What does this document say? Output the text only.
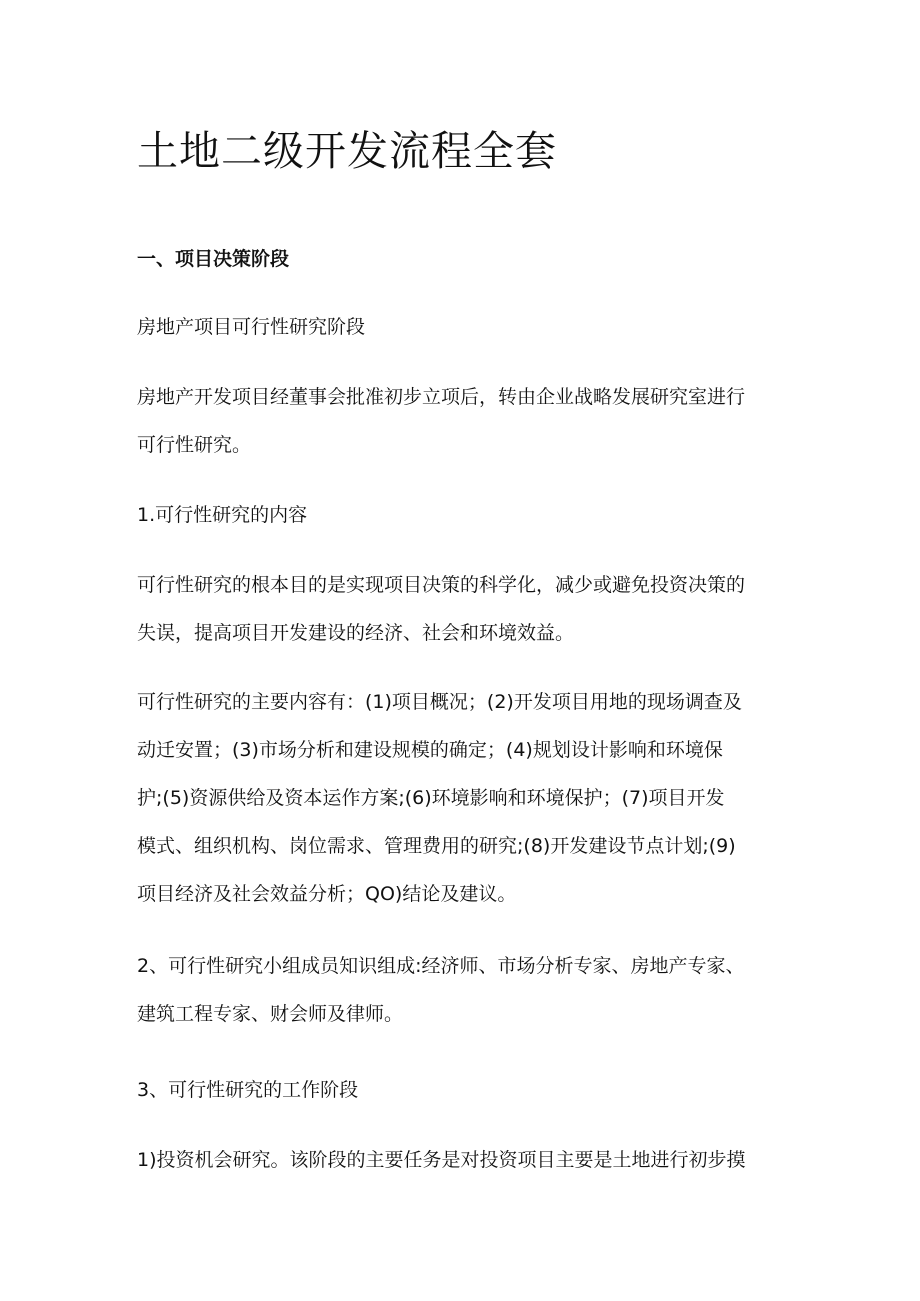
土地二级开发流程全套
一、项目决策阶段

房地产项目可行性研究阶段

房地产开发项目经董事会批准初步立项后，转由企业战略发展研究室进行
可行性研究。

1.可行性研究的内容

可行性研究的根本目的是实现项目决策的科学化，减少或避免投资决策的
失误，提高项目开发建设的经济、社会和环境效益。

可行性研究的主要内容有：(1)项目概况；(2)开发项目用地的现场调查及
动迁安置；(3)市场分析和建设规模的确定；(4)规划设计影响和环境保
护;(5)资源供给及资本运作方案;(6)环境影响和环境保护；(7)项目开发
模式、组织机构、岗位需求、管理费用的研究;(8)开发建设节点计划;(9)
项目经济及社会效益分析；QO)结论及建议。

2、可行性研究小组成员知识组成:经济师、市场分析专家、房地产专家、
建筑工程专家、财会师及律师。

3、可行性研究的工作阶段

1)投资机会研究。该阶段的主要任务是对投资项目主要是土地进行初步摸
